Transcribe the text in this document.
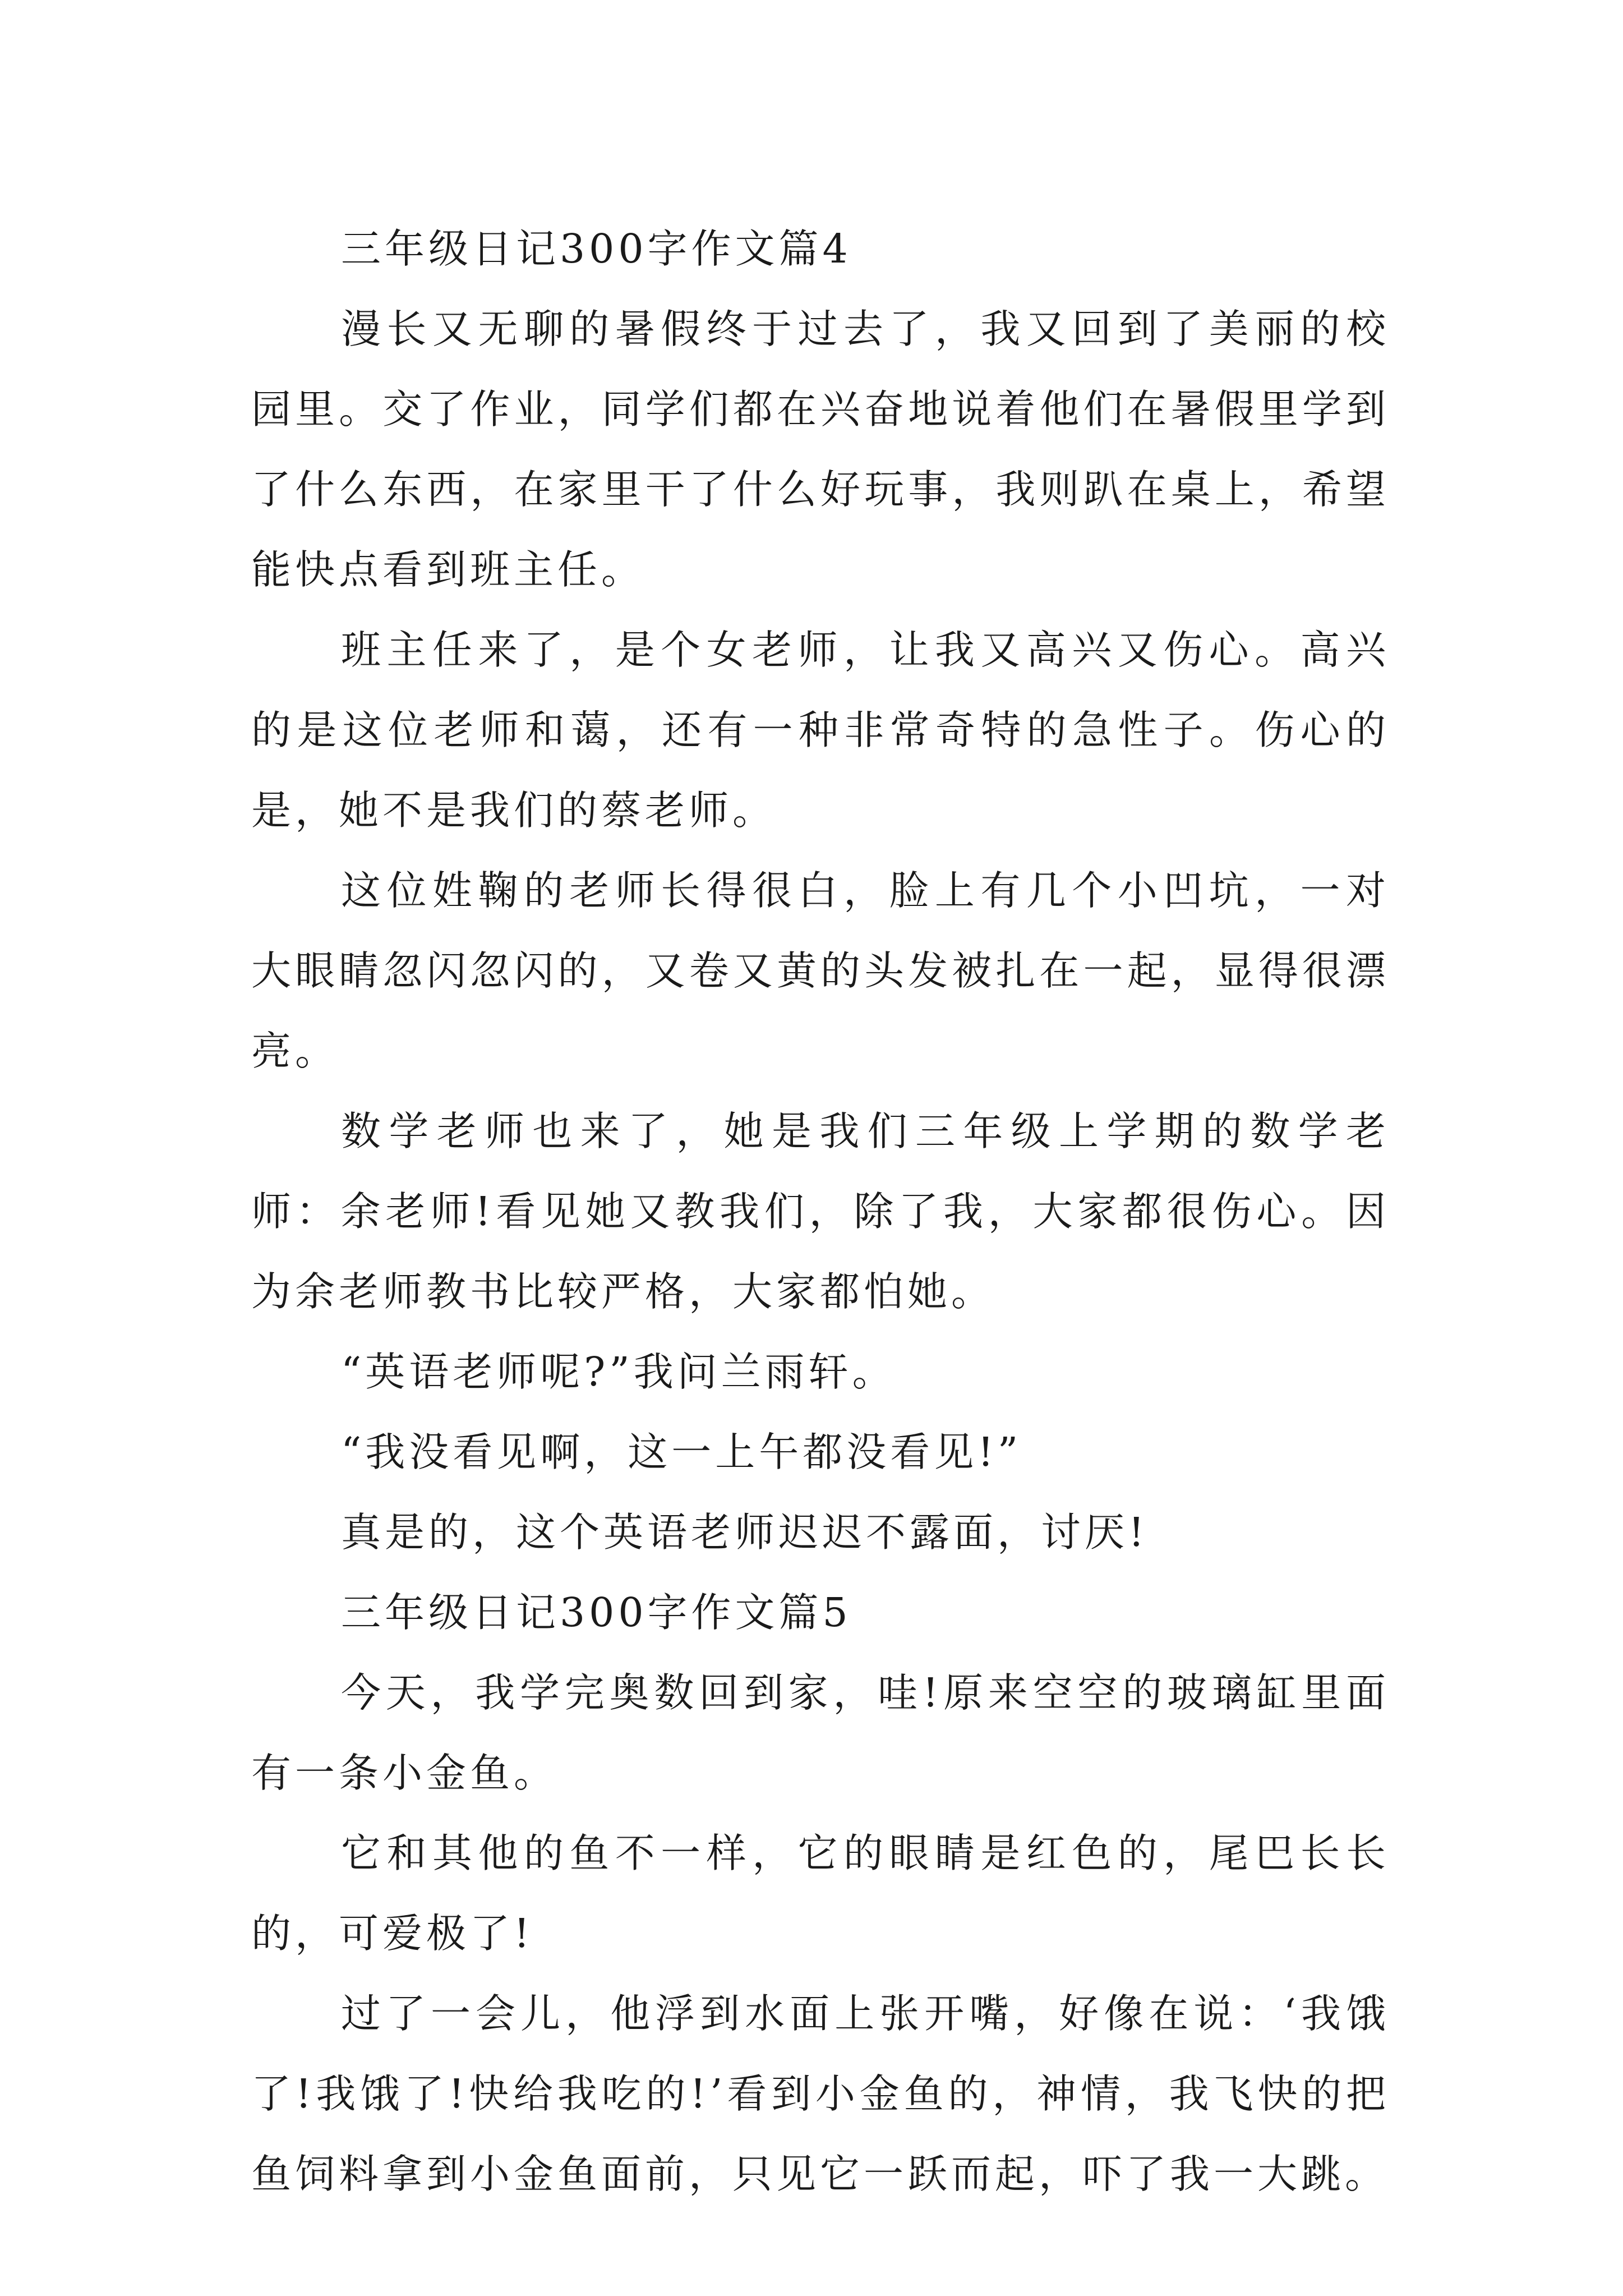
三年级日记300字作文篇4

漫长又无聊的暑假终于过去了，我又回到了美丽的校园里。交了作业，同学们都在兴奋地说着他们在暑假里学到了什么东西，在家里干了什么好玩事，我则趴在桌上，希望能快点看到班主任。

班主任来了，是个女老师，让我又高兴又伤心。高兴的是这位老师和蔼，还有一种非常奇特的急性子。伤心的是，她不是我们的蔡老师。

这位姓鞠的老师长得很白，脸上有几个小凹坑，一对大眼睛忽闪忽闪的，又卷又黄的头发被扎在一起，显得很漂亮。

数学老师也来了，她是我们三年级上学期的数学老师：余老师!看见她又教我们，除了我，大家都很伤心。因为余老师教书比较严格，大家都怕她。

“英语老师呢?”我问兰雨轩。

“我没看见啊，这一上午都没看见!”

真是的，这个英语老师迟迟不露面，讨厌!

三年级日记300字作文篇5

今天，我学完奥数回到家，哇!原来空空的玻璃缸里面有一条小金鱼。

它和其他的鱼不一样，它的眼睛是红色的，尾巴长长的，可爱极了!

过了一会儿，他浮到水面上张开嘴，好像在说：‘我饿了!我饿了!快给我吃的!’看到小金鱼的，神情，我飞快的把鱼饲料拿到小金鱼面前，只见它一跃而起，吓了我一大跳。
